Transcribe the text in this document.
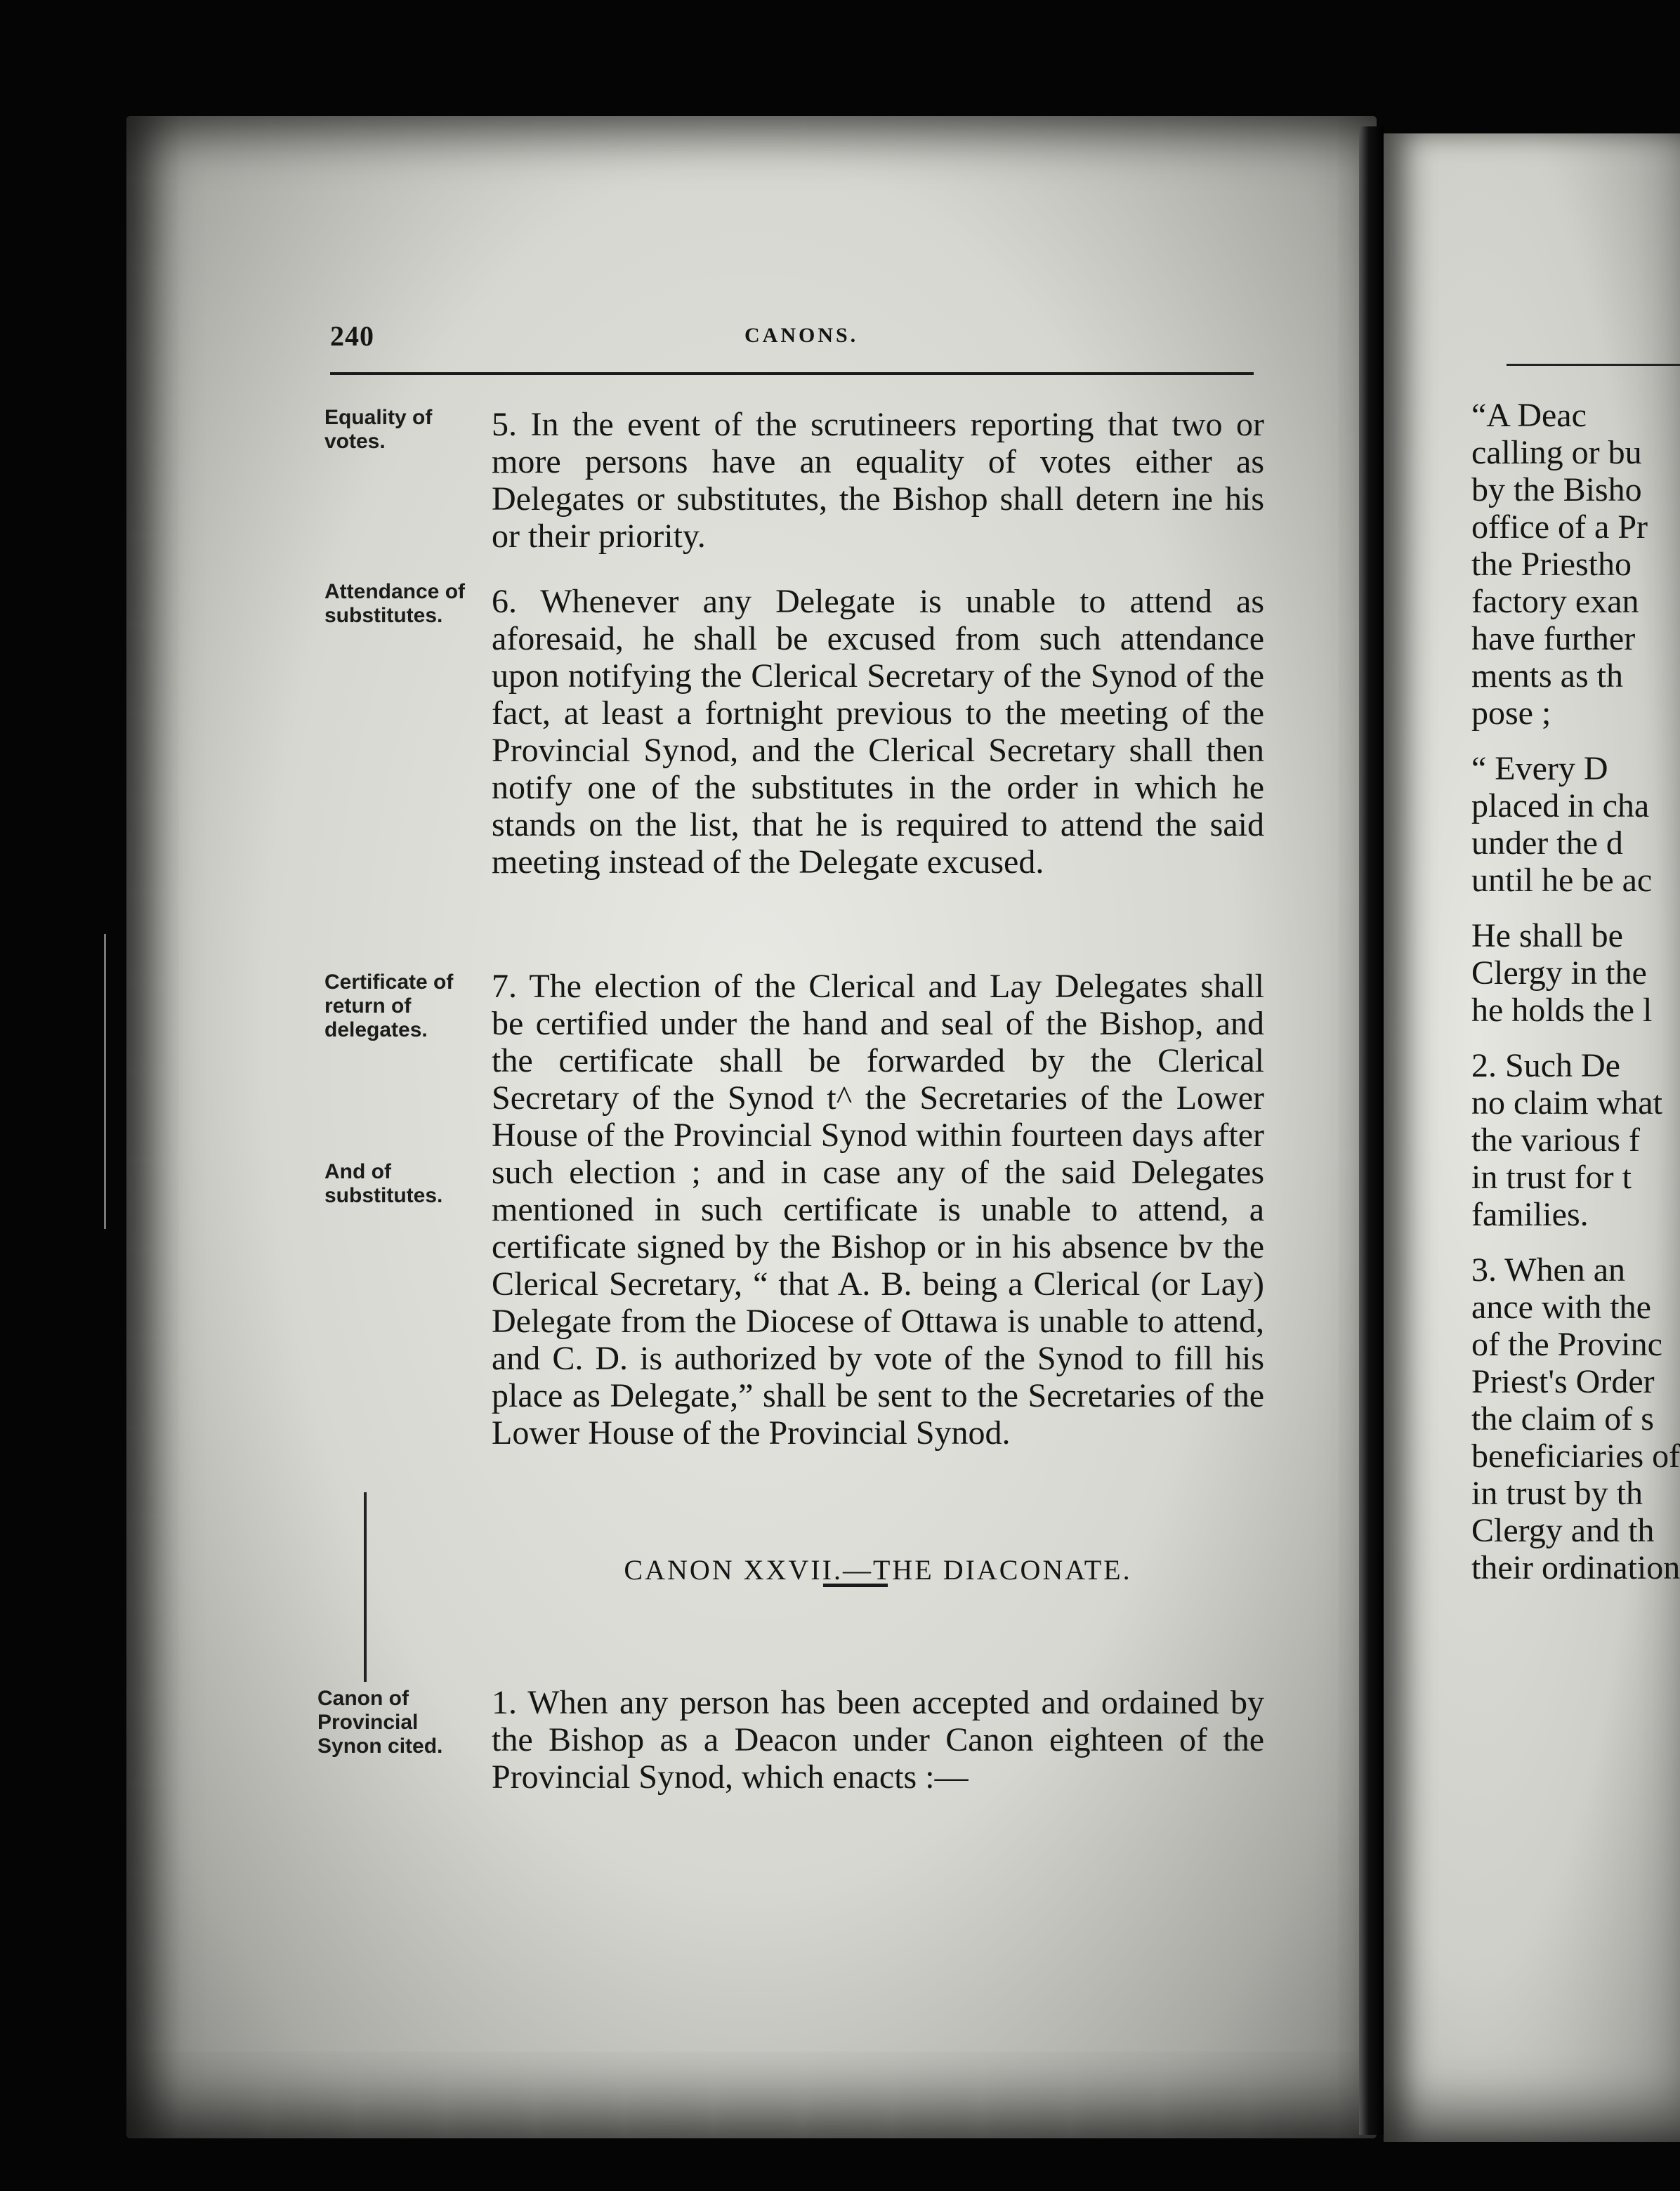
240	CANONS.
Equality of votes.
Attendance of substitutes.
Certificate of return of delegates.
And of substitutes.
Canon of Provincial Synon cited.

5. In the event of the scrutineers reporting that two or more persons have an equality of votes either as Delegates or substitutes, the Bishop shall detern ine his or their priority.

6. Whenever any Delegate is unable to attend as aforesaid, he shall be excused from such attendance upon notifying the Clerical Secretary of the Synod of the fact, at least a fortnight previous to the meeting of the Provincial Synod, and the Clerical Secretary shall then notify one of the substitutes in the order in which he stands on the list, that he is required to attend the said meeting instead of the Delegate excused.

7. The election of the Clerical and Lay Delegates shall be certified under the hand and seal of the Bishop, and the certificate shall be forwarded by the Clerical Secretary of the Synod t^ the Secretaries of the Lower House of the Provincial Synod within fourteen days after such election ; and in case any of the said Delegates mentioned in such certificate is unable to attend, a certificate signed by the Bishop or in his absence bv the Clerical Secretary, “ that A. B. being a Clerical (or Lay) Delegate from the Diocese of Ottawa is unable to attend, and C. D. is authorized by vote of the Synod to fill his place as Delegate,” shall be sent to the Secretaries of the Lower House of the Provincial Synod.

CANON XXVII.—THE DIACONATE.

1. When any person has been accepted and ordained by the Bishop as a Deacon under Canon eighteen of the Provincial Synod, which enacts :—

“A Deac
calling or bu
by the Bisho
office of a Pr
the Priestho
factory exan
have further
ments as th
pose ;

“ Every D
placed in cha
under the d
until he be ac

He shall be
Clergy in the
he holds the l

2. Such De
no claim what
the various f
in trust for t
families.

3. When an
ance with the
of the Provinc
Priest's Order
the claim of s
beneficiaries of
in trust by th
Clergy and th
their ordination
